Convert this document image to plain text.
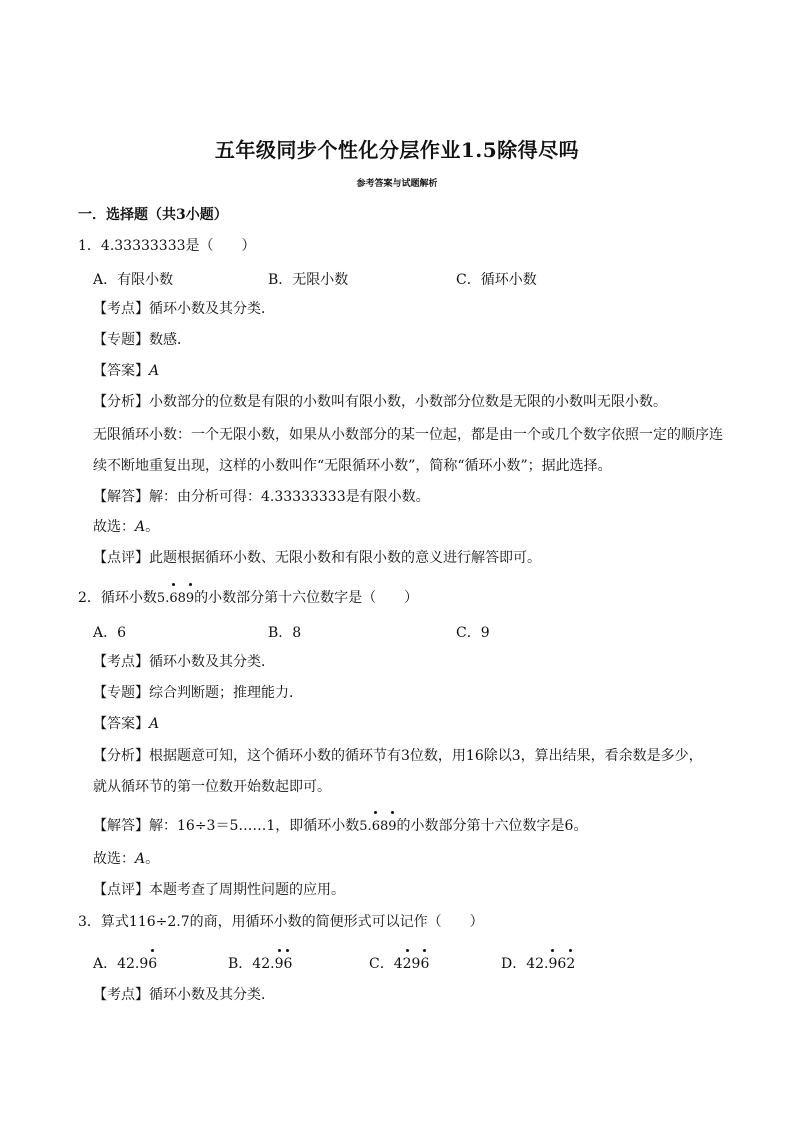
五年级同步个性化分层作业1.5除得尽吗
参考答案与试题解析
一．选择题（共3小题）
1．4.33333333是（　　）
A．有限小数	B．无限小数	C．循环小数
【考点】循环小数及其分类．
【专题】数感．
【答案】A
【分析】小数部分的位数是有限的小数叫有限小数，小数部分位数是无限的小数叫无限小数。
无限循环小数：一个无限小数，如果从小数部分的某一位起，都是由一个或几个数字依照一定的顺序连
续不断地重复出现，这样的小数叫作“无限循环小数”，简称“循环小数”；据此选择。
【解答】解：由分析可得：4.33333333是有限小数。
故选：A。
【点评】此题根据循环小数、无限小数和有限小数的意义进行解答即可。
2．循环小数5.689的小数部分第十六位数字是（　　）
A．6	B．8	C．9
【考点】循环小数及其分类．
【专题】综合判断题；推理能力．
【答案】A
【分析】根据题意可知，这个循环小数的循环节有3位数，用16除以3，算出结果，看余数是多少，
就从循环节的第一位数开始数起即可。
【解答】解：16÷3＝5……1，即循环小数5.689的小数部分第十六位数字是6。
故选：A。
【点评】本题考查了周期性问题的应用。
3．算式116÷2.7的商，用循环小数的简便形式可以记作（　　）
A．42.96	B．42.96	C．4296	D．42.962
【考点】循环小数及其分类．
